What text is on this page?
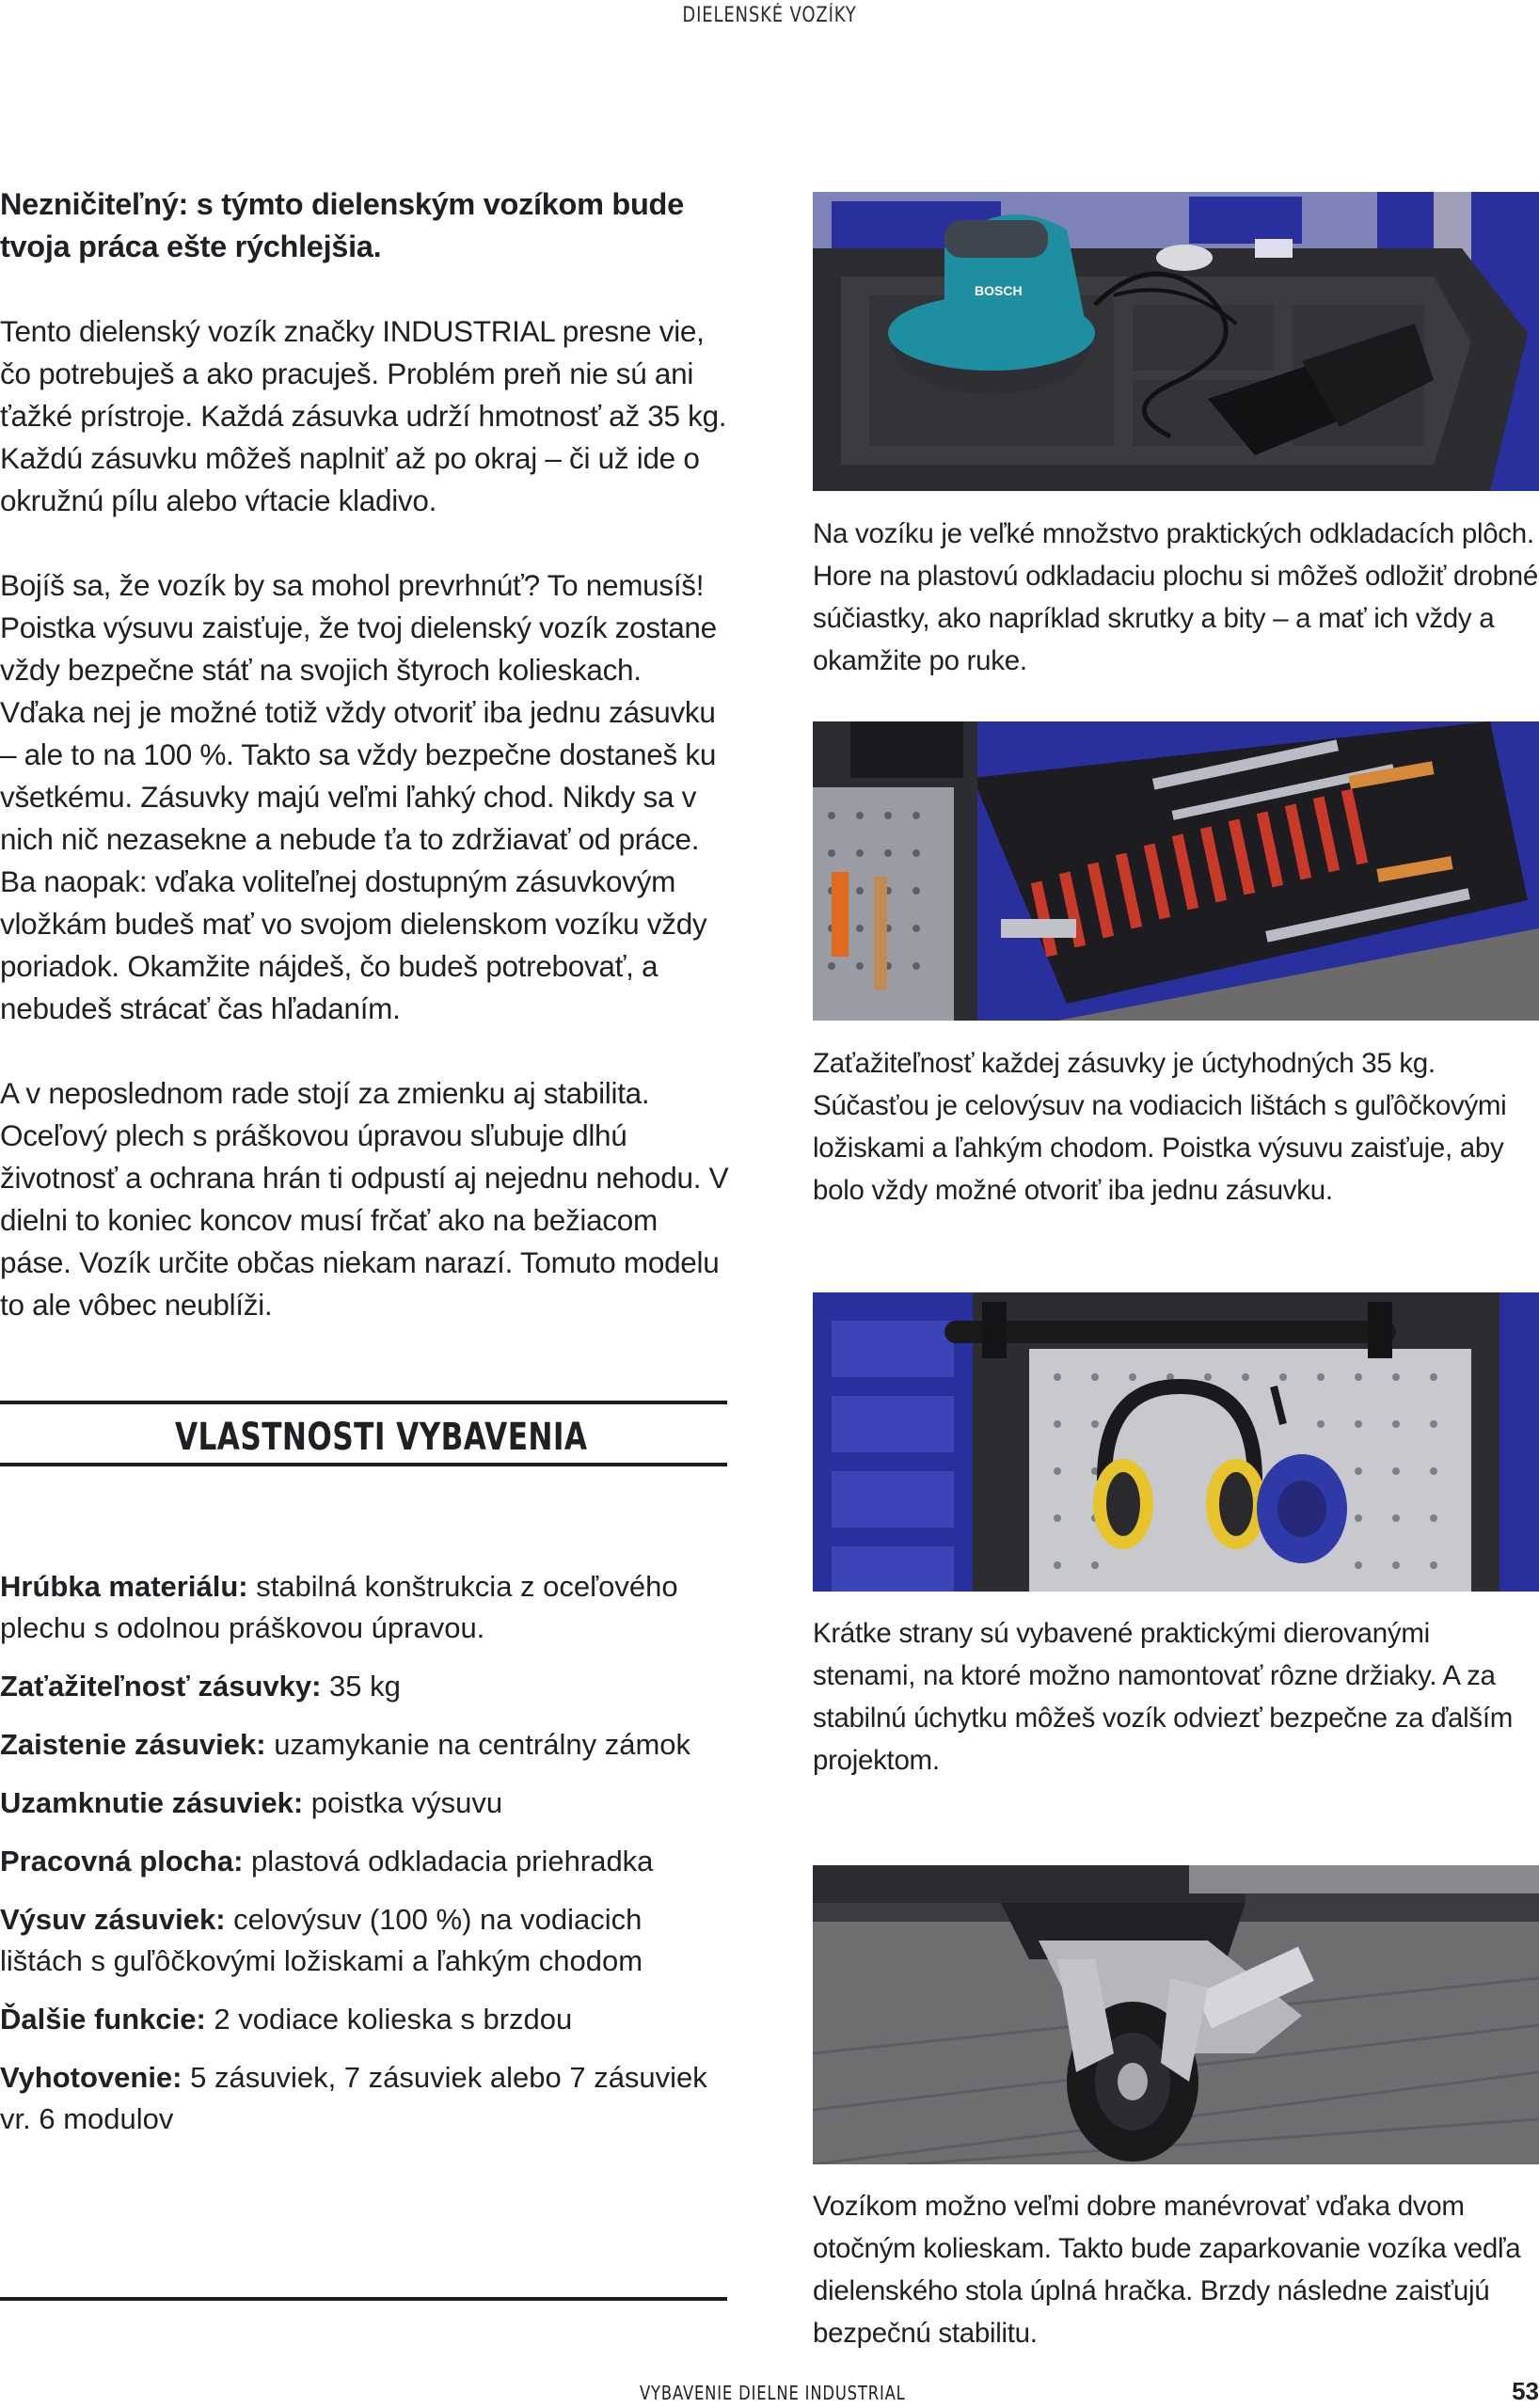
DIELENSKÉ VOZÍKY

Nezničiteľný: s týmto dielenským vozíkom bude tvoja práca ešte rýchlejšia.

Tento dielenský vozík značky INDUSTRIAL presne vie, čo potrebuješ a ako pracuješ. Problém preň nie sú ani ťažké prístroje. Každá zásuvka udrží hmotnosť až 35 kg. Každú zásuvku môžeš naplniť až po okraj – či už ide o okružnú pílu alebo vŕtacie kladivo.

Bojíš sa, že vozík by sa mohol prevrhnúť? To nemusíš! Poistka výsuvu zaisťuje, že tvoj dielenský vozík zostane vždy bezpečne stáť na svojich štyroch kolieskach. Vďaka nej je možné totiž vždy otvoriť iba jednu zásuvku – ale to na 100 %. Takto sa vždy bezpečne dostaneš ku všetkému. Zásuvky majú veľmi ľahký chod. Nikdy sa v nich nič nezasekne a nebude ťa to zdržiavať od práce. Ba naopak: vďaka voliteľnej dostupným zásuvkovým vložkám budeš mať vo svojom dielenskom vozíku vždy poriadok. Okamžite nájdeš, čo budeš potrebovať, a nebudeš strácať čas hľadaním.

A v neposlednom rade stojí za zmienku aj stabilita. Oceľový plech s práškovou úpravou sľubuje dlhú životnosť a ochrana hrán ti odpustí aj nejednu nehodu. V dielni to koniec koncov musí frčať ako na bežiacom páse. Vozík určite občas niekam narazí. Tomuto modelu to ale vôbec neublíži.

VLASTNOSTI VYBAVENIA

Hrúbka materiálu: stabilná konštrukcia z oceľového plechu s odolnou práškovou úpravou.

Zaťažiteľnosť zásuvky: 35 kg

Zaistenie zásuviek: uzamykanie na centrálny zámok

Uzamknutie zásuviek: poistka výsuvu

Pracovná plocha: plastová odkladacia priehradka

Výsuv zásuviek: celovýsuv (100 %) na vodiacich lištách s guľôčkovými ložiskami a ľahkým chodom

Ďalšie funkcie: 2 vodiace kolieska s brzdou

Vyhotovenie: 5 zásuviek, 7 zásuviek alebo 7 zásuviek vr. 6 modulov

BOSCH
Na vozíku je veľké množstvo praktických odkladacích plôch. Hore na plastovú odkladaciu plochu si môžeš odložiť drobné súčiastky, ako napríklad skrutky a bity – a mať ich vždy a okamžite po ruke.
Zaťažiteľnosť každej zásuvky je úctyhodných 35 kg. Súčasťou je celovýsuv na vodiacich lištách s guľôčkovými ložiskami a ľahkým chodom. Poistka výsuvu zaisťuje, aby bolo vždy možné otvoriť iba jednu zásuvku.
Krátke strany sú vybavené praktickými dierovanými stenami, na ktoré možno namontovať rôzne držiaky. A za stabilnú úchytku môžeš vozík odviezť bezpečne za ďalším projektom.
Vozíkom možno veľmi dobre manévrovať vďaka dvom otočným kolieskam. Takto bude zaparkovanie vozíka vedľa dielenského stola úplná hračka. Brzdy následne zaisťujú bezpečnú stabilitu.
VYBAVENIE DIELNE INDUSTRIAL	53
